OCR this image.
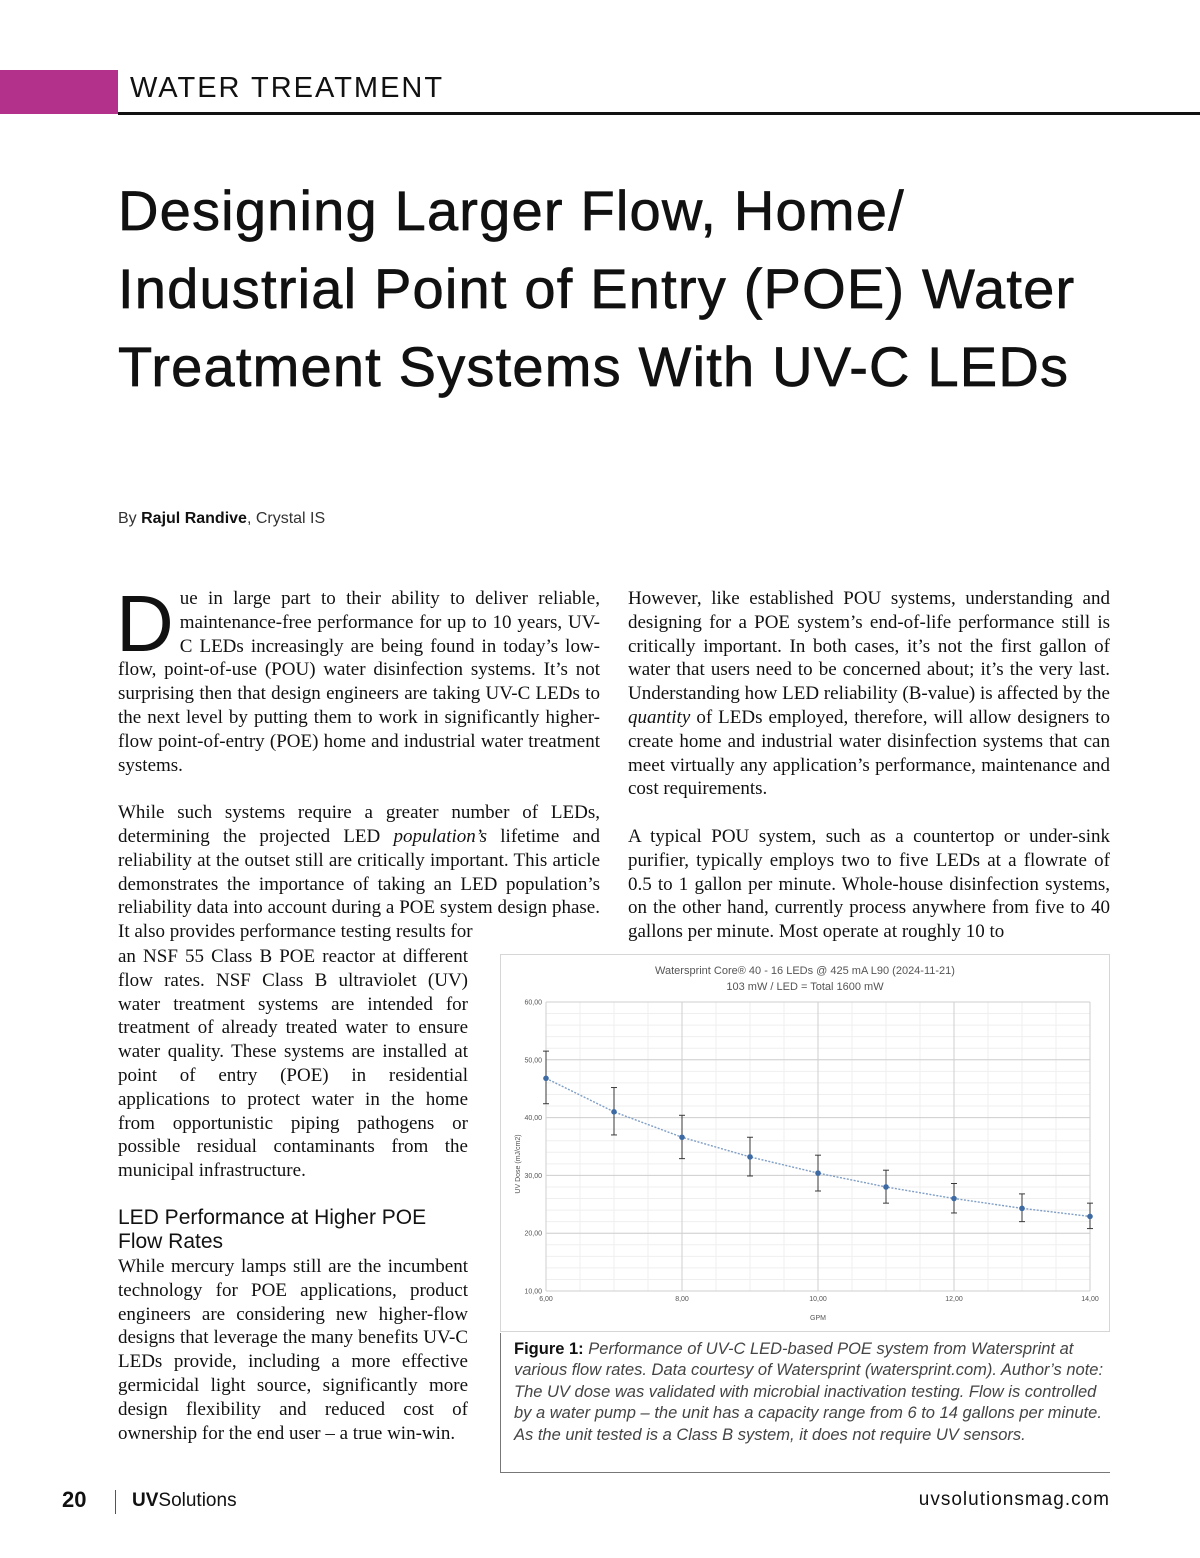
WATER TREATMENT
Designing Larger Flow, Home/ Industrial Point of Entry (POE) Water Treatment Systems With UV-C LEDs
By Rajul Randive, Crystal IS

Due in large part to their ability to deliver reliable, maintenance-free performance for up to 10 years, UV-C LEDs increasingly are being found in today’s low-flow, point-of-use (POU) water disinfection systems. It’s not surprising then that design engineers are taking UV-C LEDs to the next level by putting them to work in significantly higher-flow point-of-entry (POE) home and industrial water treatment systems.

While such systems require a greater number of LEDs, determining the projected LED population’s lifetime and reliability at the outset still are critically important. This article demonstrates the importance of taking an LED population’s reliability data into account during a POE system design phase. It also provides performance testing results for

an NSF 55 Class B POE reactor at different flow rates. NSF Class B ultraviolet (UV) water treatment systems are intended for treatment of already treated water to ensure water quality. These systems are installed at point of entry (POE) in residential applications to protect water in the home from opportunistic piping pathogens or possible residual contaminants from the municipal infrastructure.

LED Performance at Higher POE Flow Rates

While mercury lamps still are the incumbent technology for POE applications, product engineers are considering new higher-flow designs that leverage the many benefits UV-C LEDs provide, including a more effective germicidal light source, significantly more design flexibility and reduced cost of ownership for the end user – a true win-win.

However, like established POU systems, understanding and designing for a POE system’s end-of-life performance still is critically important. In both cases, it’s not the first gallon of water that users need to be concerned about; it’s the very last. Understanding how LED reliability (B-value) is affected by the quantity of LEDs employed, therefore, will allow designers to create home and industrial water disinfection systems that can meet virtually any application’s performance, maintenance and cost requirements.

A typical POU system, such as a countertop or under-sink purifier, typically employs two to five LEDs at a flowrate of 0.5 to 1 gallon per minute. Whole-house disinfection systems, on the other hand, currently process anywhere from five to 40 gallons per minute. Most operate at roughly 10 to

Watersprint Core® 40 - 16 LEDs @ 425 mA L90 (2024-11-21)
103 mW / LED = Total 1600 mW
6,00	8,00	10,00	12,00	14,00
10,00
20,00
30,00
40,00
50,00
60,00
UV Dose (mJ/cm2)
GPM

Figure 1: Performance of UV-C LED-based POE system from Watersprint at various flow rates. Data courtesy of Watersprint (watersprint.com). Author’s note: The UV dose was validated with microbial inactivation testing. Flow is controlled by a water pump – the unit has a capacity range from 6 to 14 gallons per minute. As the unit tested is a Class B system, it does not require UV sensors.

20 UVSolutions	uvsolutionsmag.com
